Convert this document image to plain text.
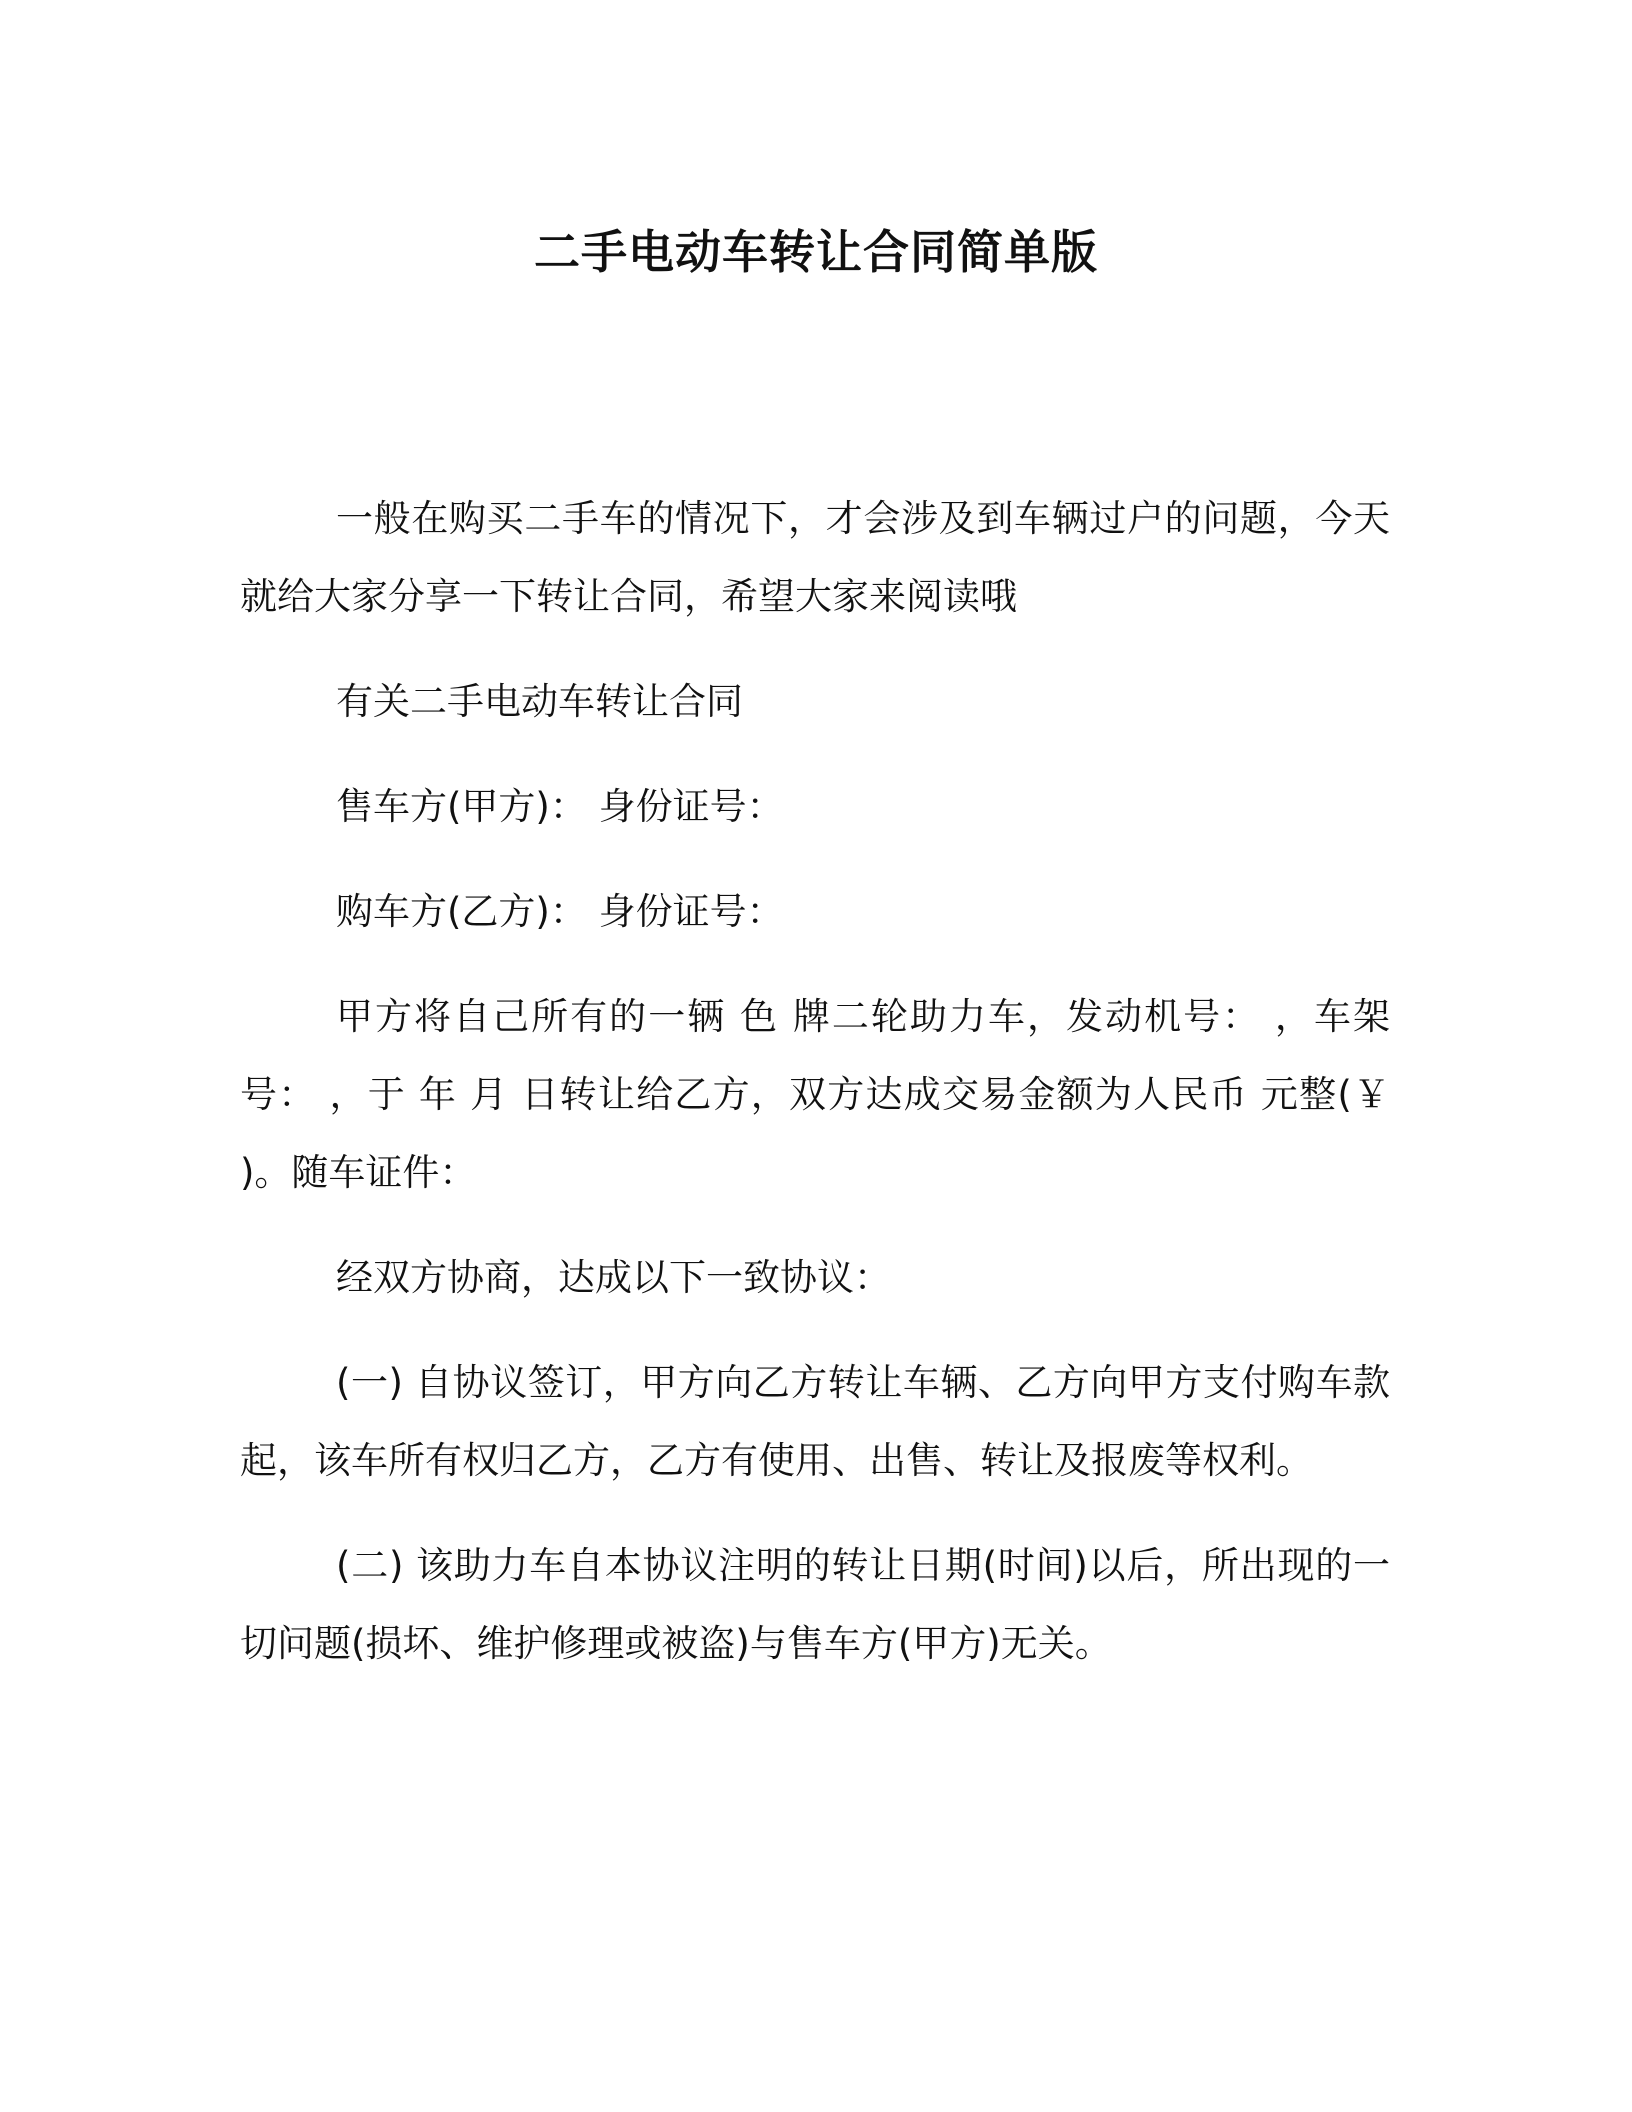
二手电动车转让合同简单版

一般在购买二手车的情况下，才会涉及到车辆过户的问题，今天就给大家分享一下转让合同，希望大家来阅读哦

有关二手电动车转让合同

售车方(甲方)： 身份证号：

购车方(乙方)： 身份证号：

甲方将自己所有的一辆 色 牌二轮助力车，发动机号： ，车架号： ，于 年 月 日转让给乙方，双方达成交易金额为人民币 元整(￥ )。随车证件：

经双方协商，达成以下一致协议：

(一) 自协议签订，甲方向乙方转让车辆、乙方向甲方支付购车款起，该车所有权归乙方，乙方有使用、出售、转让及报废等权利。

(二) 该助力车自本协议注明的转让日期(时间)以后，所出现的一切问题(损坏、维护修理或被盗)与售车方(甲方)无关。
